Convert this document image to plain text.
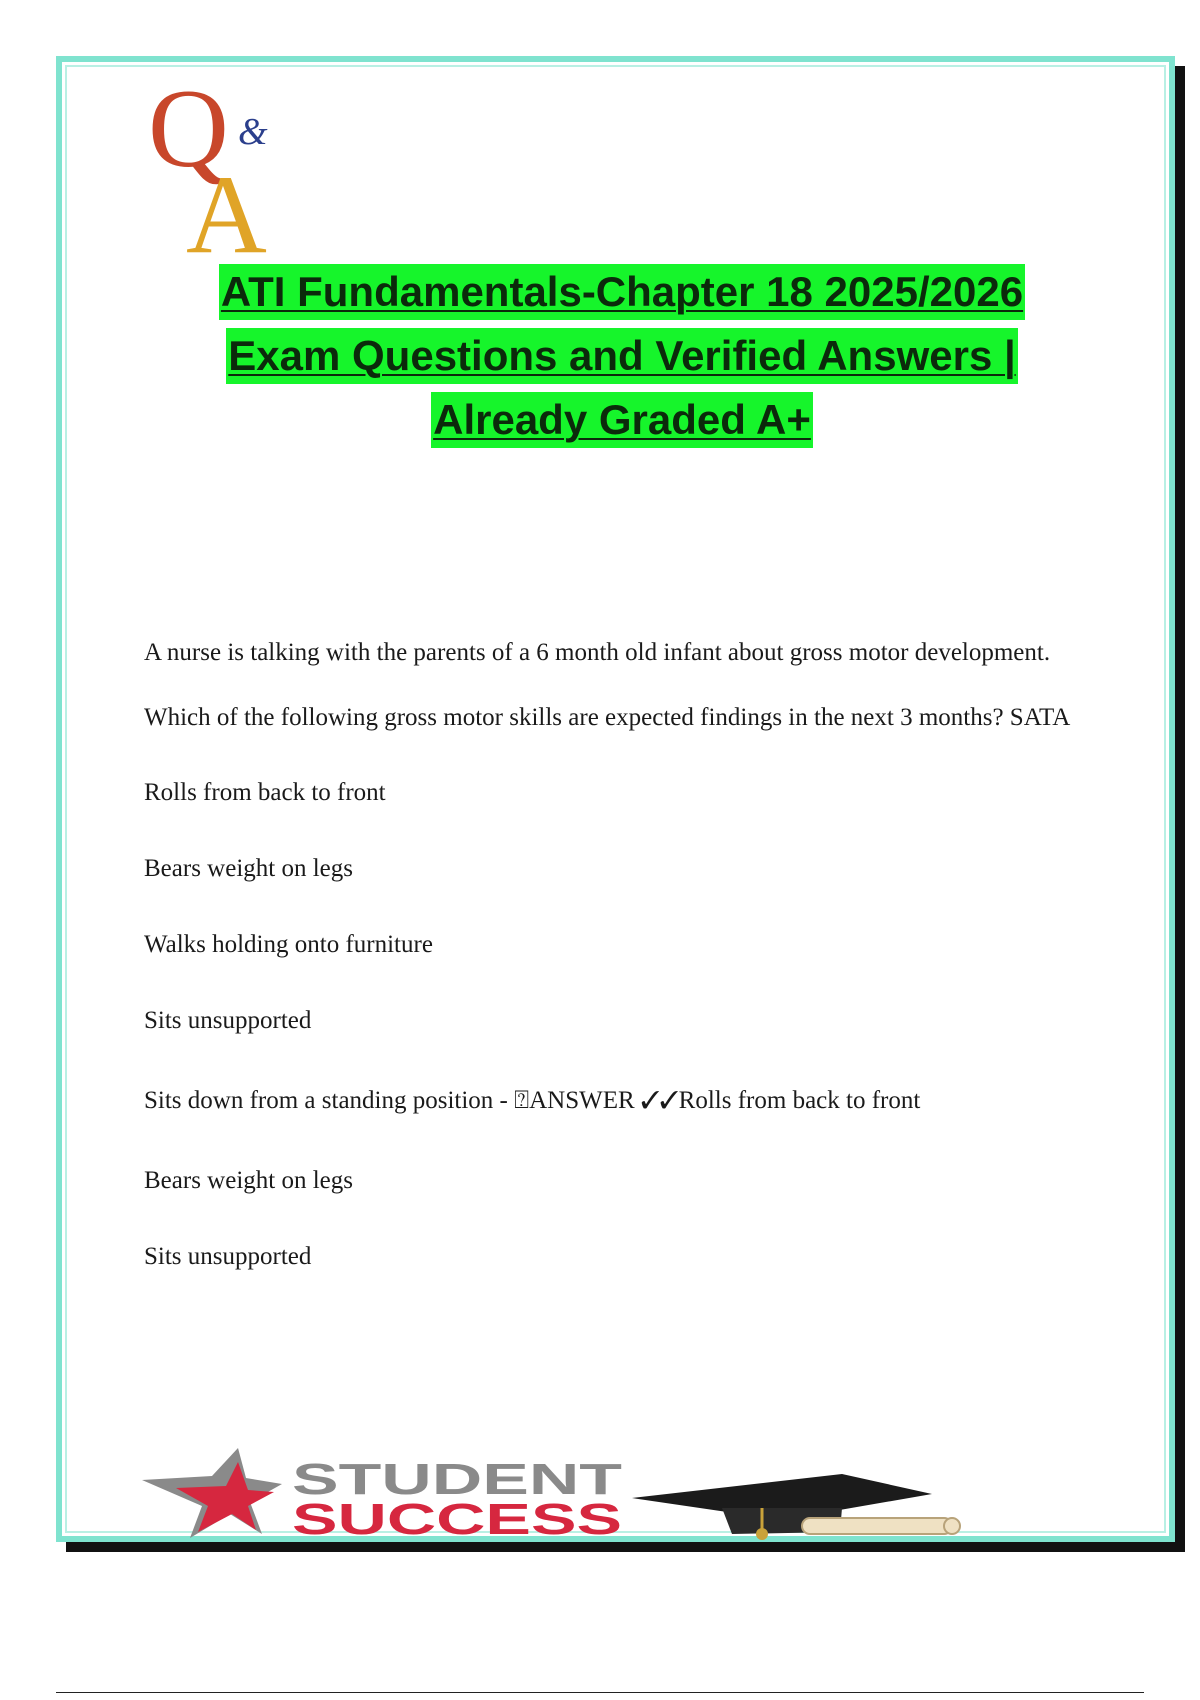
Q &
A
ATI Fundamentals-Chapter 18 2025/2026
Exam Questions and Verified Answers |
Already Graded A+
A nurse is talking with the parents of a 6 month old infant about gross motor development. Which of the following gross motor skills are expected findings in the next 3 months? SATA
Rolls from back to front
Bears weight on legs
Walks holding onto furniture
Sits unsupported
Sits down from a standing position - ⍰ANSWER ✓✓Rolls from back to front
Bears weight on legs
Sits unsupported
STUDENT
SUCCESS
